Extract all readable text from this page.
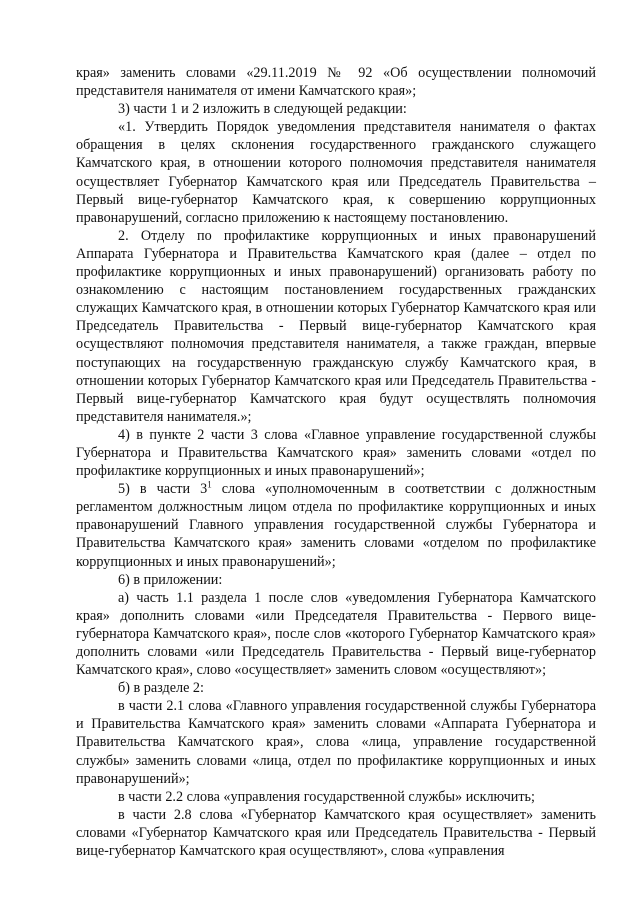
края» заменить словами «29.11.2019 № 92 «Об осуществлении полномочий представителя нанимателя от имени Камчатского края»;

3) части 1 и 2 изложить в следующей редакции:

«1. Утвердить Порядок уведомления представителя нанимателя о фактах обращения в целях склонения государственного гражданского служащего Камчатского края, в отношении которого полномочия представителя нанимателя осуществляет Губернатор Камчатского края или Председатель Правительства – Первый вице-губернатор Камчатского края, к совершению коррупционных правонарушений, согласно приложению к настоящему постановлению.

2. Отделу по профилактике коррупционных и иных правонарушений Аппарата Губернатора и Правительства Камчатского края (далее – отдел по профилактике коррупционных и иных правонарушений) организовать работу по ознакомлению с настоящим постановлением государственных гражданских служащих Камчатского края, в отношении которых Губернатор Камчатского края или Председатель Правительства - Первый вице-губернатор Камчатского края осуществляют полномочия представителя нанимателя, а также граждан, впервые поступающих на государственную гражданскую службу Камчатского края, в отношении которых Губернатор Камчатского края или Председатель Правительства - Первый вице-губернатор Камчатского края будут осуществлять полномочия представителя нанимателя.»;

4) в пункте 2 части 3 слова «Главное управление государственной службы Губернатора и Правительства Камчатского края» заменить словами «отдел по профилактике коррупционных и иных правонарушений»;

5) в части $3^1$ слова «уполномоченным в соответствии с должностным регламентом должностным лицом отдела по профилактике коррупционных и иных правонарушений Главного управления государственной службы Губернатора и Правительства Камчатского края» заменить словами «отделом по профилактике коррупционных и иных правонарушений»;

6) в приложении:

а) часть 1.1 раздела 1 после слов «уведомления Губернатора Камчатского края» дополнить словами «или Председателя Правительства - Первого вице-губернатора Камчатского края», после слов «которого Губернатор Камчатского края» дополнить словами «или Председатель Правительства - Первый вице-губернатор Камчатского края», слово «осуществляет» заменить словом «осуществляют»;

б) в разделе 2:

в части 2.1 слова «Главного управления государственной службы Губернатора и Правительства Камчатского края» заменить словами «Аппарата Губернатора и Правительства Камчатского края», слова «лица, управление государственной службы» заменить словами «лица, отдел по профилактике коррупционных и иных правонарушений»;

в части 2.2 слова «управления государственной службы» исключить;

в части 2.8 слова «Губернатор Камчатского края осуществляет» заменить словами «Губернатор Камчатского края или Председатель Правительства - Первый вице-губернатор Камчатского края осуществляют», слова «управления
